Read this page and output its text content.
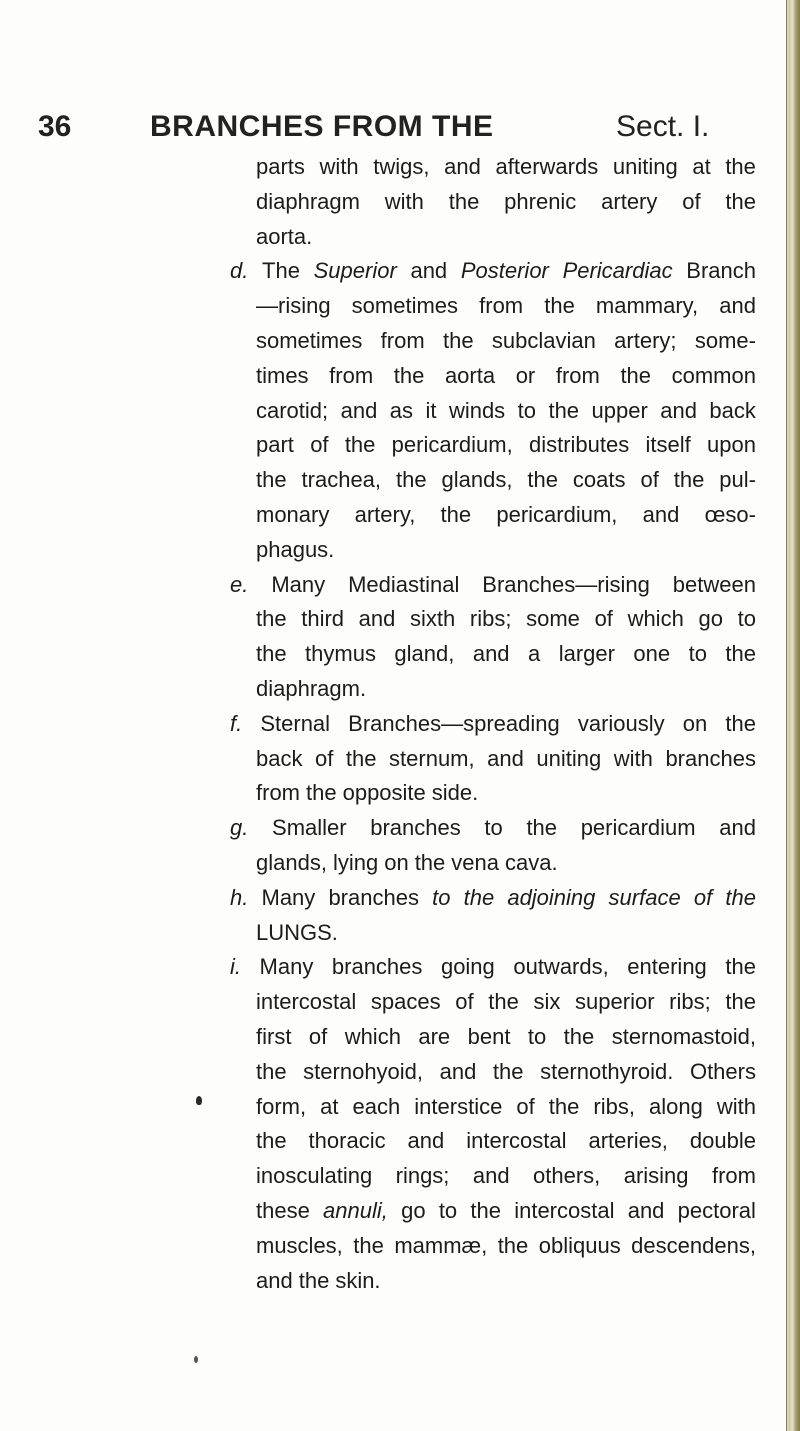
36	BRANCHES FROM THE	Sect. I.
parts with twigs, and afterwards uniting at the
diaphragm with the phrenic artery of the
aorta.
d. The Superior and Posterior Pericardiac Branch
—rising sometimes from the mammary, and
sometimes from the subclavian artery; some-
times from the aorta or from the common
carotid; and as it winds to the upper and back
part of the pericardium, distributes itself upon
the trachea, the glands, the coats of the pul-
monary artery, the pericardium, and œso-
phagus.
e. Many Mediastinal Branches—rising between
the third and sixth ribs; some of which go to
the thymus gland, and a larger one to the
diaphragm.
f. Sternal Branches—spreading variously on the
back of the sternum, and uniting with branches
from the opposite side.
g. Smaller branches to the pericardium and
glands, lying on the vena cava.
h. Many branches to the adjoining surface of the
LUNGS.
i. Many branches going outwards, entering the
intercostal spaces of the six superior ribs; the
first of which are bent to the sternomastoid,
the sternohyoid, and the sternothyroid. Others
form, at each interstice of the ribs, along with
the thoracic and intercostal arteries, double
inosculating rings; and others, arising from
these annuli, go to the intercostal and pectoral
muscles, the mammæ, the obliquus descendens,
and the skin.
